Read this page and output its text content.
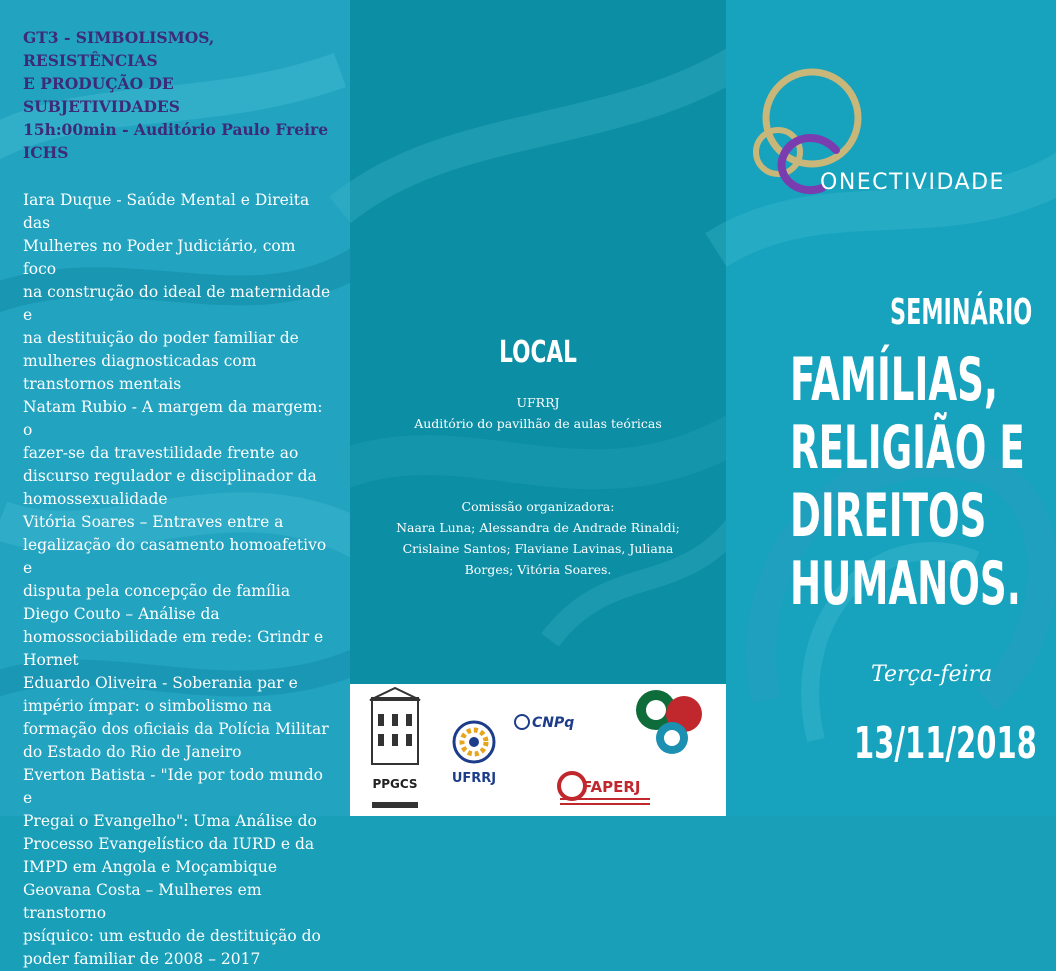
GT3 - SIMBOLISMOS, RESISTÊNCIAS
E PRODUÇÃO DE SUBJETIVIDADES
15h:00min - Auditório Paulo Freire
ICHS
Iara Duque - Saúde Mental e Direita das
Mulheres no Poder Judiciário, com foco
na construção do ideal de maternidade e
na destituição do poder familiar de
mulheres diagnosticadas com
transtornos mentais
Natam Rubio - A margem da margem: o
fazer-se da travestilidade frente ao
discurso regulador e disciplinador da
homossexualidade
Vitória Soares – Entraves entre a
legalização do casamento homoafetivo e
disputa pela concepção de família
Diego Couto – Análise da
homossociabilidade em rede: Grindr e
Hornet
Eduardo Oliveira - Soberania par e
império ímpar: o simbolismo na
formação dos oficiais da Polícia Militar
do Estado do Rio de Janeiro
Everton Batista - "Ide por todo mundo e
Pregai o Evangelho": Uma Análise do
Processo Evangelístico da IURD e da
IMPD em Angola e Moçambique
Geovana Costa – Mulheres em transtorno
psíquico: um estudo de destituição do
poder familiar de 2008 – 2017
LOCAL
UFRRJ
Auditório do pavilhão de aulas teóricas
Comissão organizadora:
Naara Luna; Alessandra de Andrade Rinaldi;
Crislaine Santos; Flaviane Lavinas, Juliana
Borges; Vitória Soares.
PPGCS	UFRRJ
CNPq
FAPERJ
ONECTIVIDADE
SEMINÁRIO
FAMÍLIAS,
RELIGIÃO E
DIREITOS
HUMANOS.
Terça-feira
13/11/2018
